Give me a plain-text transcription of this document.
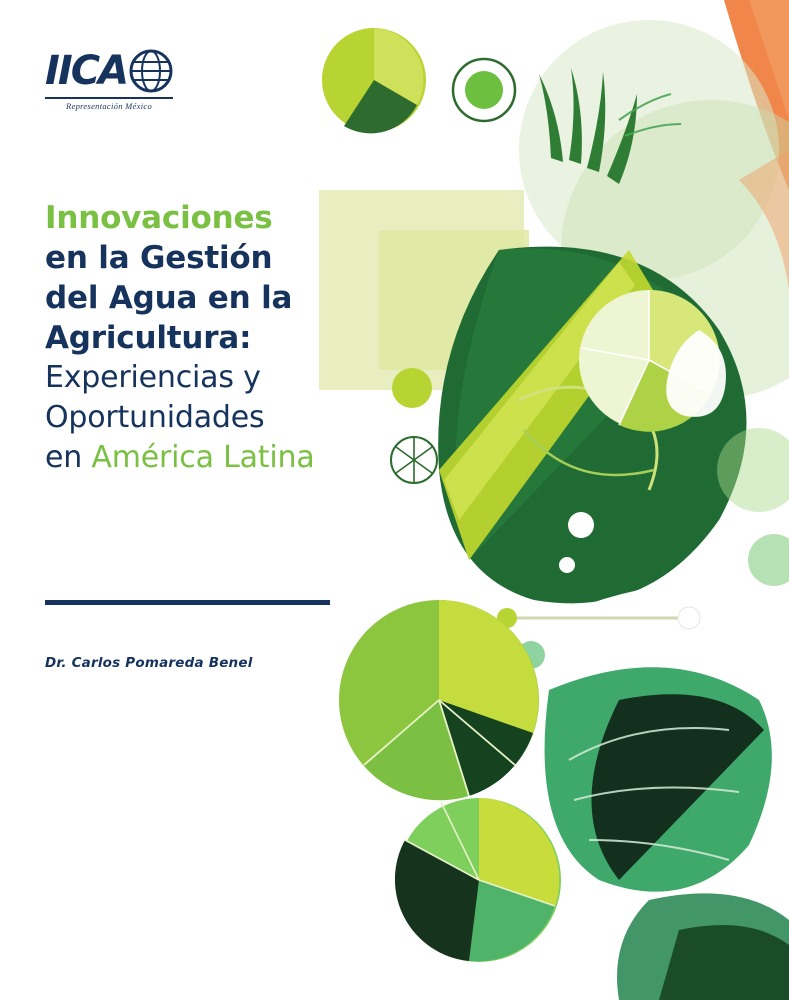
IICA
Representación México
Innovaciones
en la Gestión
del Agua en la
Agricultura:
Experiencias y
Oportunidades
en América Latina
Dr. Carlos Pomareda Benel
